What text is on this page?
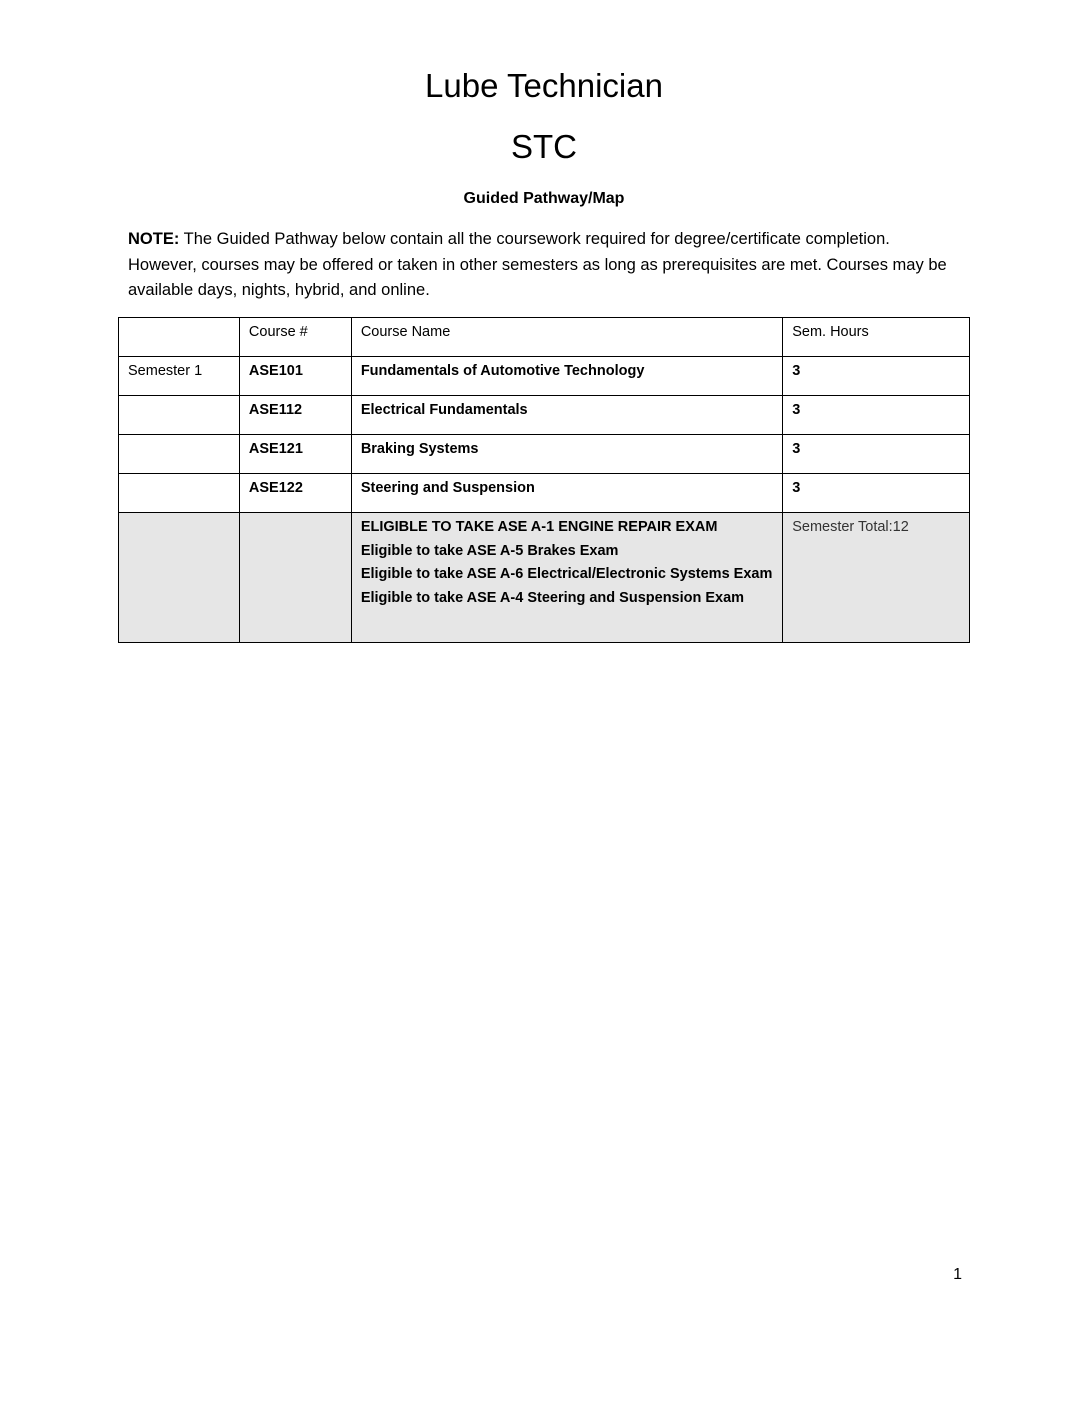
Lube Technician
STC
Guided Pathway/Map

NOTE: The Guided Pathway below contain all the coursework required for degree/certificate completion. However, courses may be offered or taken in other semesters as long as prerequisites are met. Courses may be available days, nights, hybrid, and online.

	Course #	Course Name	Sem. Hours
Semester 1	ASE101	Fundamentals of Automotive Technology	3
	ASE112	Electrical Fundamentals	3
	ASE121	Braking Systems	3
	ASE122	Steering and Suspension	3

		ELIGIBLE TO TAKE ASE A-1 ENGINE REPAIR EXAM
Eligible to take ASE A-5 Brakes Exam
Eligible to take ASE A-6 Electrical/Electronic Systems Exam
Eligible to take ASE A-4 Steering and Suspension Exam	Semester Total:12
1
